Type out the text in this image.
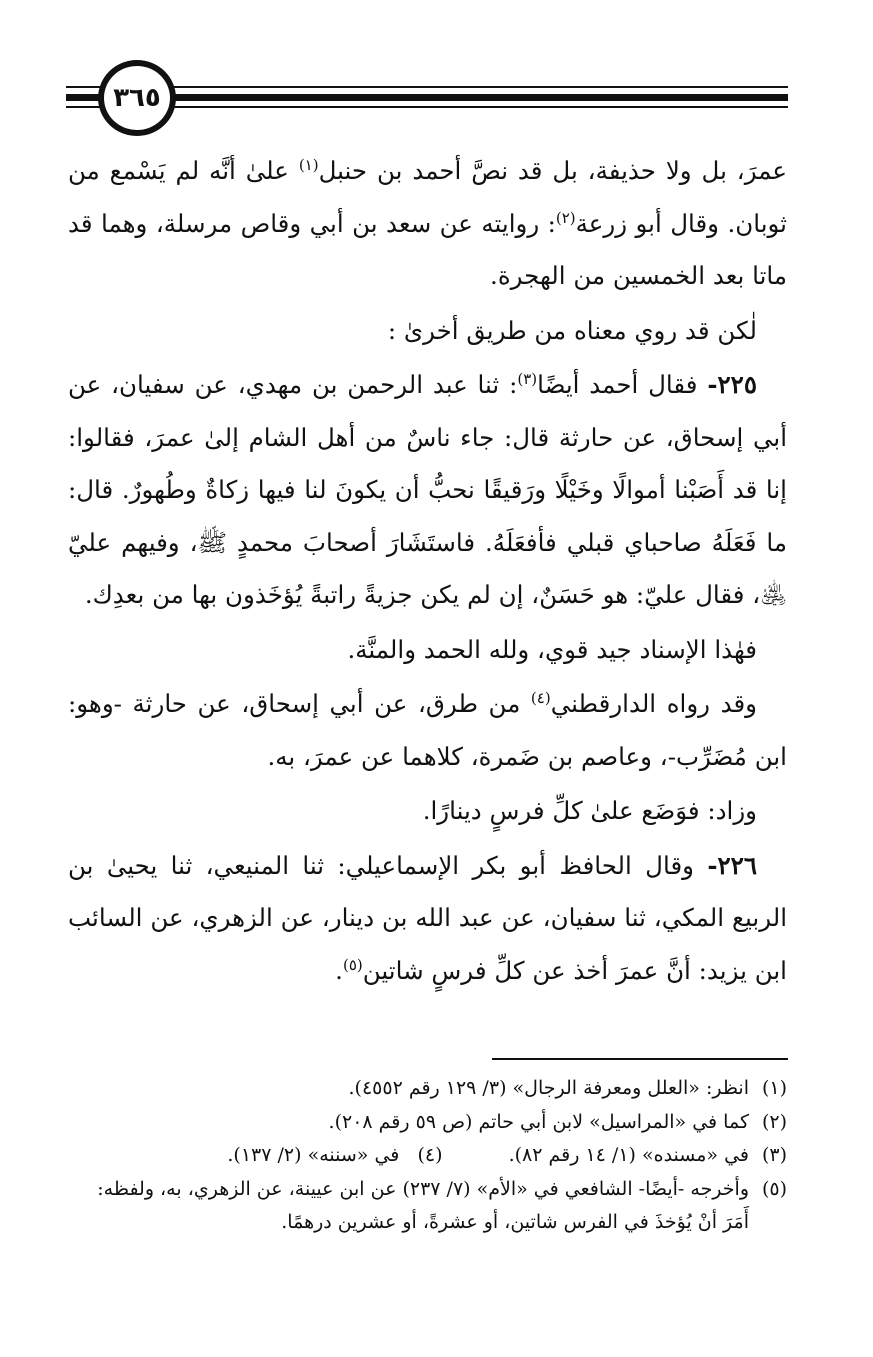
٣٦٥

عمرَ، بل ولا حذيفة، بل قد نصَّ أحمد بن حنبل$^{(١)}$ علىٰ أنَّه لم يَسْمع من ثوبان. وقال أبو زرعة$^{(٢)}$: روايته عن سعد بن أبي وقاص مرسلة، وهما قد ماتا بعد الخمسين من الهجرة.

لٰكن قد روي معناه من طريق أخرىٰ :

٢٢٥- فقال أحمد أيضًا$^{(٣)}$: ثنا عبد الرحمن بن مهدي، عن سفيان، عن أبي إسحاق، عن حارثة قال: جاء ناسٌ من أهل الشام إلىٰ عمرَ، فقالوا: إنا قد أَصَبْنا أموالًا وخَيْلًا ورَقيقًا نحبُّ أن يكونَ لنا فيها زكاةٌ وطُهورٌ. قال: ما فَعَلَهُ صاحباي قبلي فأفعَلَهُ. فاستَشَارَ أصحابَ محمدٍ ﷺ، وفيهم عليّ ﵁، فقال عليّ: هو حَسَنٌ، إن لم يكن جزيةً راتبةً يُؤخَذون بها من بعدِك.

فهٰذا الإسناد جيد قوي، ولله الحمد والمنَّة.

وقد رواه الدارقطني$^{(٤)}$ من طرق، عن أبي إسحاق، عن حارثة -وهو: ابن مُضَرِّب-، وعاصم بن ضَمرة، كلاهما عن عمرَ، به.

وزاد: فوَضَع علىٰ كلِّ فرسٍ دينارًا.

٢٢٦- وقال الحافظ أبو بكر الإسماعيلي: ثنا المنيعي، ثنا يحيىٰ بن الربيع المكي، ثنا سفيان، عن عبد الله بن دينار، عن الزهري، عن السائب ابن يزيد: أنَّ عمرَ أخذ عن كلِّ فرسٍ شاتين$^{(٥)}$.

(١)
انظر: «العلل ومعرفة الرجال» (٣/ ١٢٩ رقم ٤٥٥٢).
(٢)
كما في «المراسيل» لابن أبي حاتم (ص ٥٩ رقم ٢٠٨).
(٣)
في «مسنده» (١/ ١٤ رقم ٨٢). (٤)   في «سننه» (٢/ ١٣٧).
(٥)
وأخرجه -أيضًا- الشافعي في «الأم» (٧/ ٢٣٧) عن ابن عيينة، عن الزهري، به، ولفظه: أَمَرَ أنْ يُؤخذَ في الفرس شاتين، أو عشرةً، أو عشرين درهمًا.
